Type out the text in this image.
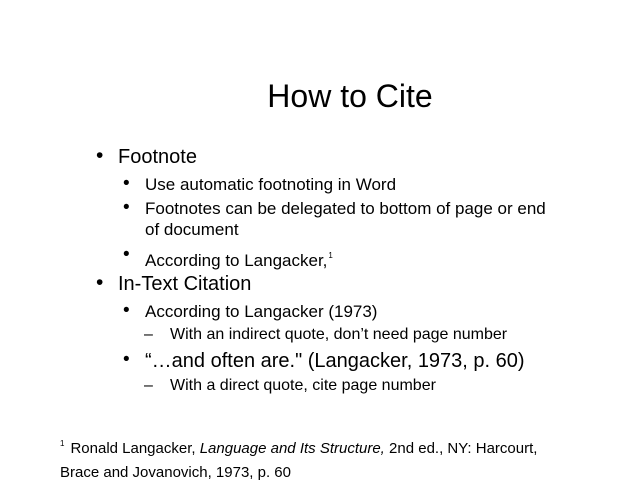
How to Cite
• Footnote
• Use automatic footnoting in Word
• Footnotes can be delegated to bottom of page or end
of document
• According to Langacker,$^1$
• In-Text Citation
• According to Langacker (1973)
– With an indirect quote, don’t need page number
• “…and often are." (Langacker, 1973, p. 60)
– With a direct quote, cite page number
$^1$ Ronald Langacker, Language and Its Structure, 2nd ed., NY: Harcourt,
Brace and Jovanovich, 1973, p. 60
